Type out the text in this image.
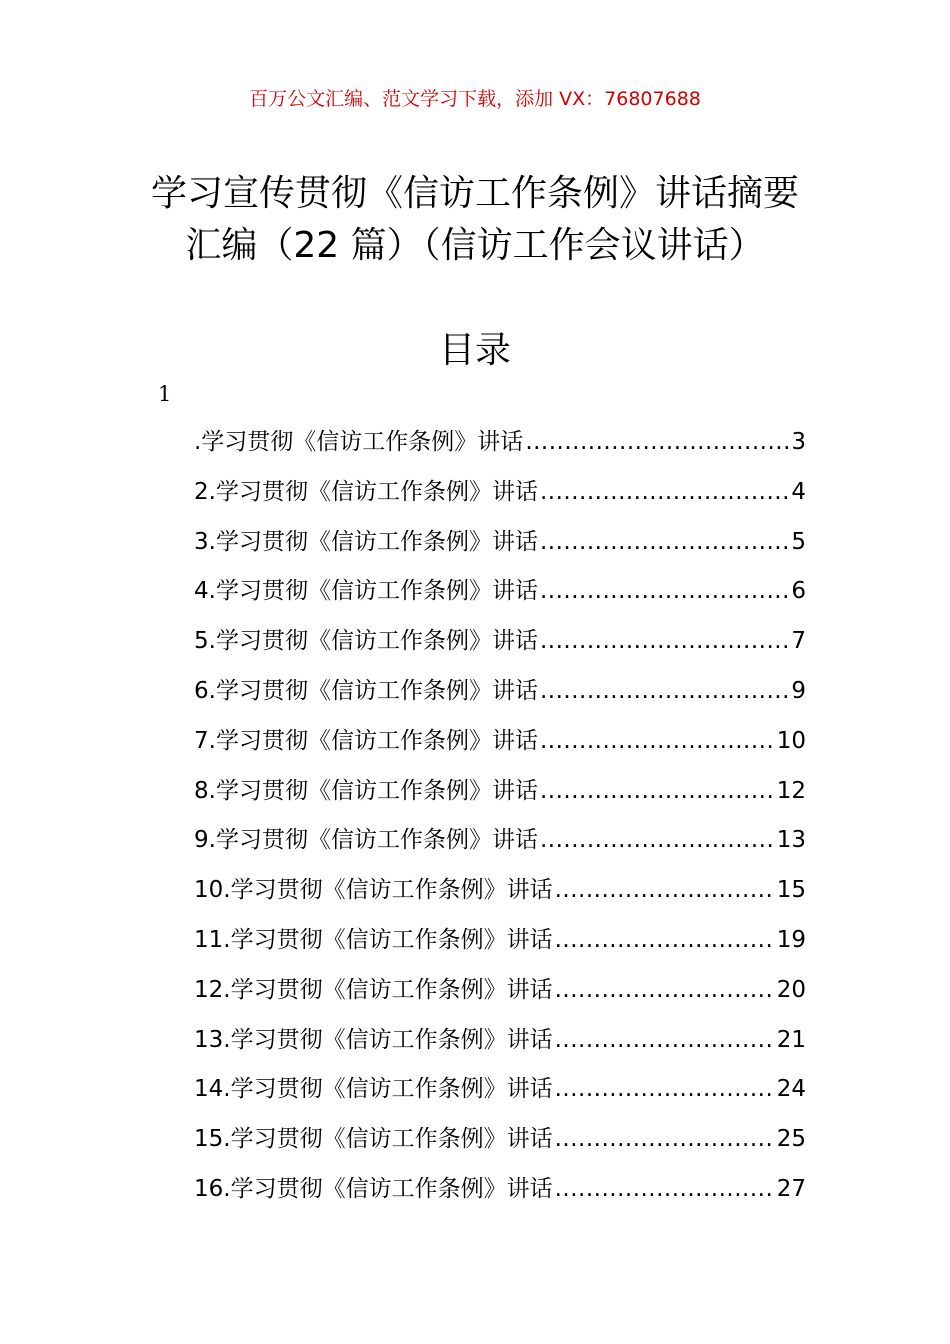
百万公文汇编、范文学习下载，添加 VX：76807688
学习宣传贯彻《信访工作条例》讲话摘要
汇编（22 篇）（信访工作会议讲话）
目录
1
.学习贯彻《信访工作条例》讲话 .....	3
2.学习贯彻《信访工作条例》讲话 .....	4
3.学习贯彻《信访工作条例》讲话 .....	5
4.学习贯彻《信访工作条例》讲话 .....	6
5.学习贯彻《信访工作条例》讲话 .....	7
6.学习贯彻《信访工作条例》讲话 .....	9
7.学习贯彻《信访工作条例》讲话 .....	10
8.学习贯彻《信访工作条例》讲话 .....	12
9.学习贯彻《信访工作条例》讲话 .....	13
10.学习贯彻《信访工作条例》讲话 .....	15
11.学习贯彻《信访工作条例》讲话 .....	19
12.学习贯彻《信访工作条例》讲话 .....	20
13.学习贯彻《信访工作条例》讲话 .....	21
14.学习贯彻《信访工作条例》讲话 .....	24
15.学习贯彻《信访工作条例》讲话 .....	25
16.学习贯彻《信访工作条例》讲话 .....	27
